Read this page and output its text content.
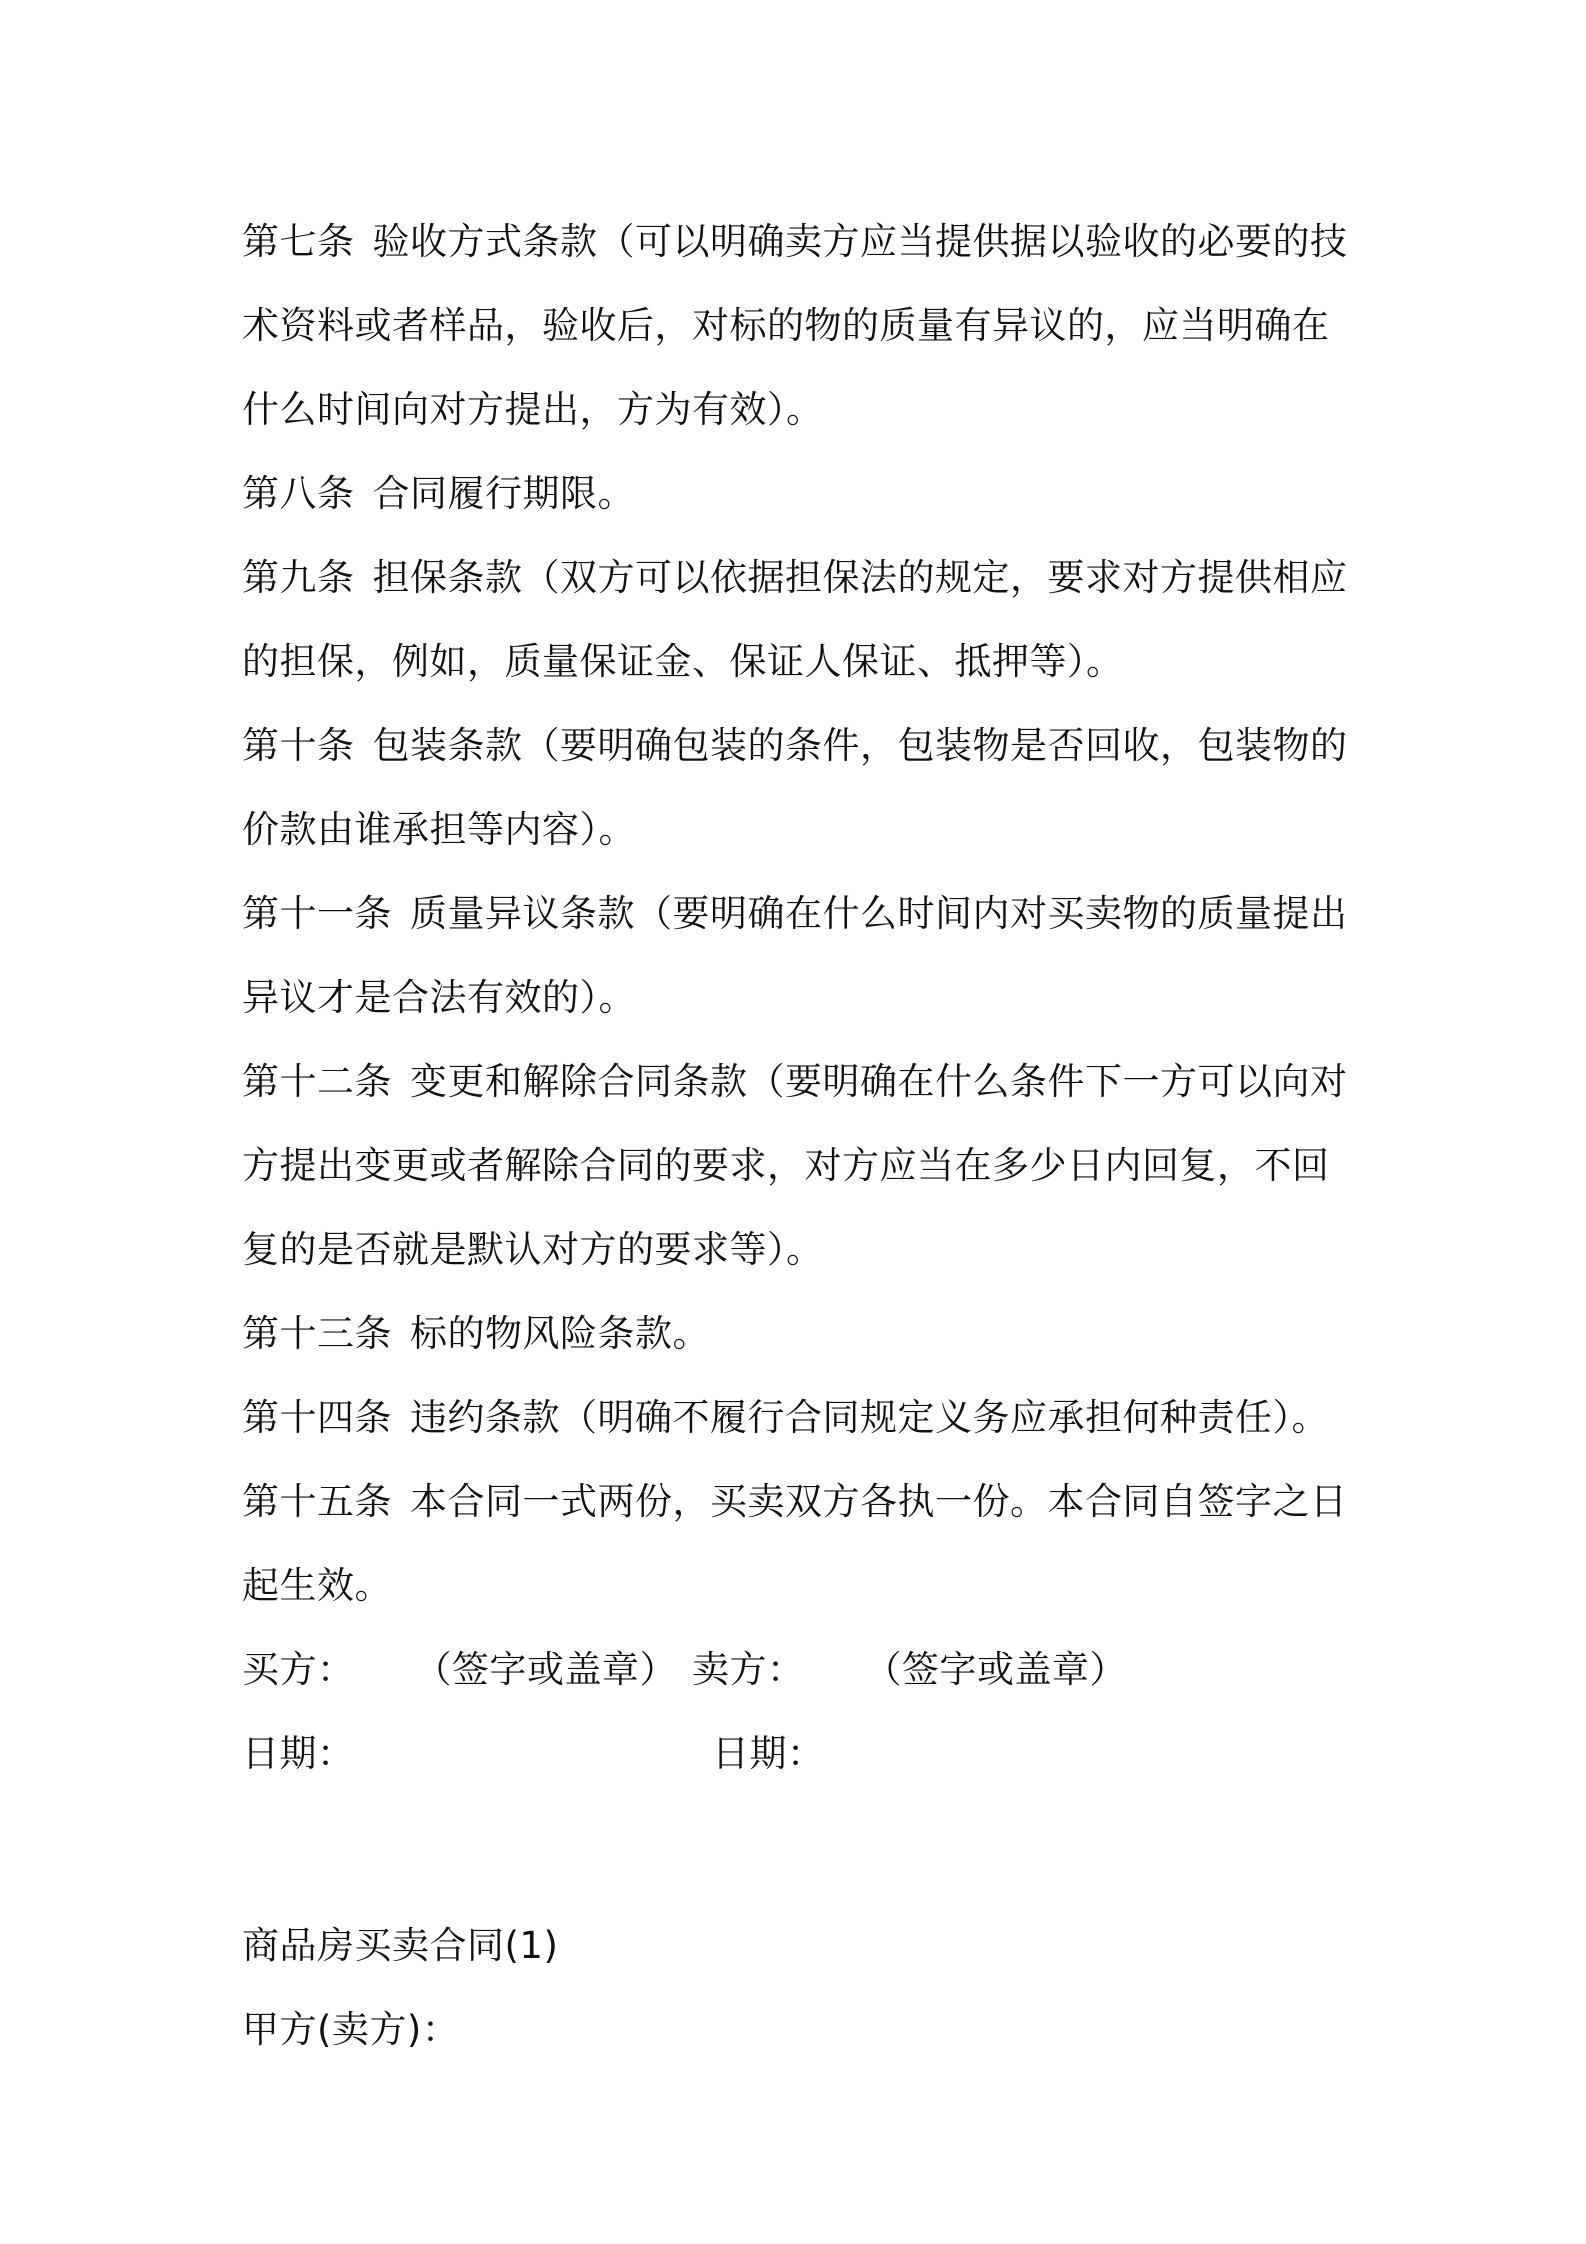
第七条 验收方式条款（可以明确卖方应当提供据以验收的必要的技术资料或者样品，验收后，对标的物的质量有异议的，应当明确在什么时间向对方提出，方为有效）。

第八条 合同履行期限。

第九条 担保条款（双方可以依据担保法的规定，要求对方提供相应的担保，例如，质量保证金、保证人保证、抵押等）。

第十条 包装条款（要明确包装的条件，包装物是否回收，包装物的价款由谁承担等内容）。

第十一条 质量异议条款（要明确在什么时间内对买卖物的质量提出异议才是合法有效的）。

第十二条 变更和解除合同条款（要明确在什么条件下一方可以向对方提出变更或者解除合同的要求，对方应当在多少日内回复，不回复的是否就是默认对方的要求等）。

第十三条 标的物风险条款。

第十四条 违约条款（明确不履行合同规定义务应承担何种责任）。

第十五条 本合同一式两份，买卖双方各执一份。本合同自签字之日起生效。

买方： （签字或盖章） 卖方： （签字或盖章）
日期：	日期：

商品房买卖合同(1)

甲方(卖方)：
